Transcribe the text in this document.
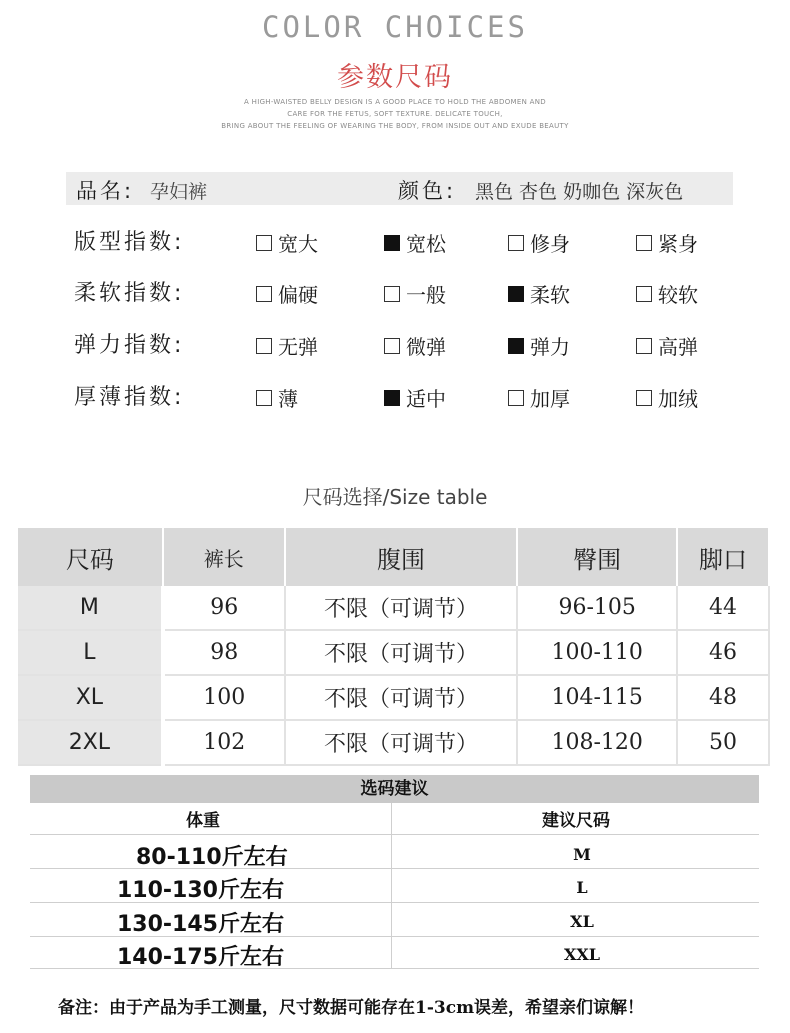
COLOR CHOICES
参数尺码
A HIGH-WAISTED BELLY DESIGN IS A GOOD PLACE TO HOLD THE ABDOMEN AND
CARE FOR THE FETUS, SOFT TEXTURE. DELICATE TOUCH,
BRING ABOUT THE FEELING OF WEARING THE BODY, FROM INSIDE OUT AND EXUDE BEAUTY
品名: 孕妇裤	颜色: 黑色 杏色 奶咖色 深灰色
版型指数:	宽大	宽松	修身	紧身
柔软指数:	偏硬	一般	柔软	较软
弹力指数:	无弹	微弹	弹力	高弹
厚薄指数:	薄	适中	加厚	加绒
尺码选择/Size table
尺码	裤长	腹围	臀围	脚口
M	96	不限（可调节）	96-105	44
L	98	不限（可调节）	100-110	46
XL	100	不限（可调节）	104-115	48
2XL	102	不限（可调节）	108-120	50
选码建议
体重	建议尺码
80-110斤左右	M
110-130斤左右	L
130-145斤左右	XL
140-175斤左右	XXL
备注：由于产品为手工测量，尺寸数据可能存在1-3cm误差，希望亲们谅解！
